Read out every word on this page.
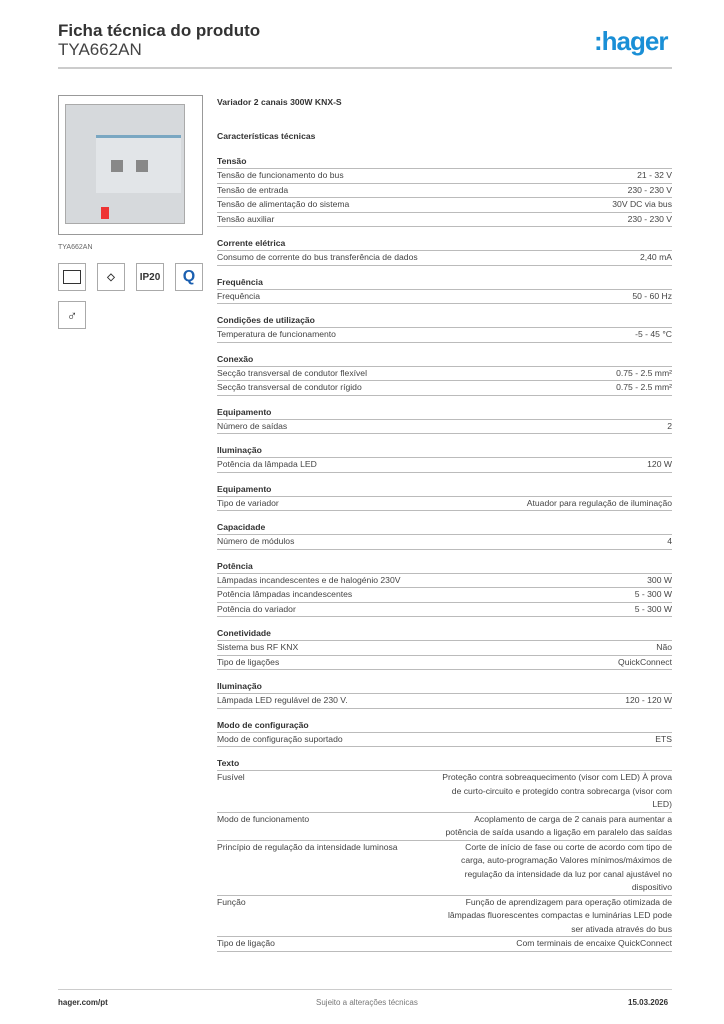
Ficha técnica do produto
TYA662AN	:hager
TYA662AN
◇	IP20	Q
♂
Variador 2 canais 300W KNX-S
Características técnicas
Tensão
Tensão de funcionamento do bus	21 - 32 V
Tensão de entrada	230 - 230 V
Tensão de alimentação do sistema	30V DC via bus
Tensão auxiliar	230 - 230 V
Corrente elétrica
Consumo de corrente do bus transferência de dados	2,40 mA
Frequência
Frequência	50 - 60 Hz
Condições de utilização
Temperatura de funcionamento	-5 - 45 °C
Conexão
Secção transversal de condutor flexível	0.75 - 2.5 mm²
Secção transversal de condutor rígido	0.75 - 2.5 mm²
Equipamento
Número de saídas	2
Iluminação
Potência da lâmpada LED	120 W
Equipamento
Tipo de variador	Atuador para regulação de iluminação
Capacidade
Número de módulos	4
Potência
Lâmpadas incandescentes e de halogénio 230V	300 W
Potência lâmpadas incandescentes	5 - 300 W
Potência do variador	5 - 300 W
Conetividade
Sistema bus RF KNX	Não
Tipo de ligações	QuickConnect
Iluminação
Lâmpada LED regulável de 230 V.	120 - 120 W
Modo de configuração
Modo de configuração suportado	ETS
Texto
Fusível	Proteção contra sobreaquecimento (visor com LED) À prova de curto-circuito e protegido contra sobrecarga (visor com LED)
Modo de funcionamento	Acoplamento de carga de 2 canais para aumentar a potência de saída usando a ligação em paralelo das saídas
Princípio de regulação da intensidade luminosa	Corte de início de fase ou corte de acordo com tipo de carga, auto-programação Valores mínimos/máximos de regulação da intensidade da luz por canal ajustável no dispositivo
Função	Função de aprendizagem para operação otimizada de lâmpadas fluorescentes compactas e luminárias LED pode ser ativada através do bus
Tipo de ligação	Com terminais de encaixe QuickConnect
hager.com/pt	Sujeito a alterações técnicas	15.03.2026
